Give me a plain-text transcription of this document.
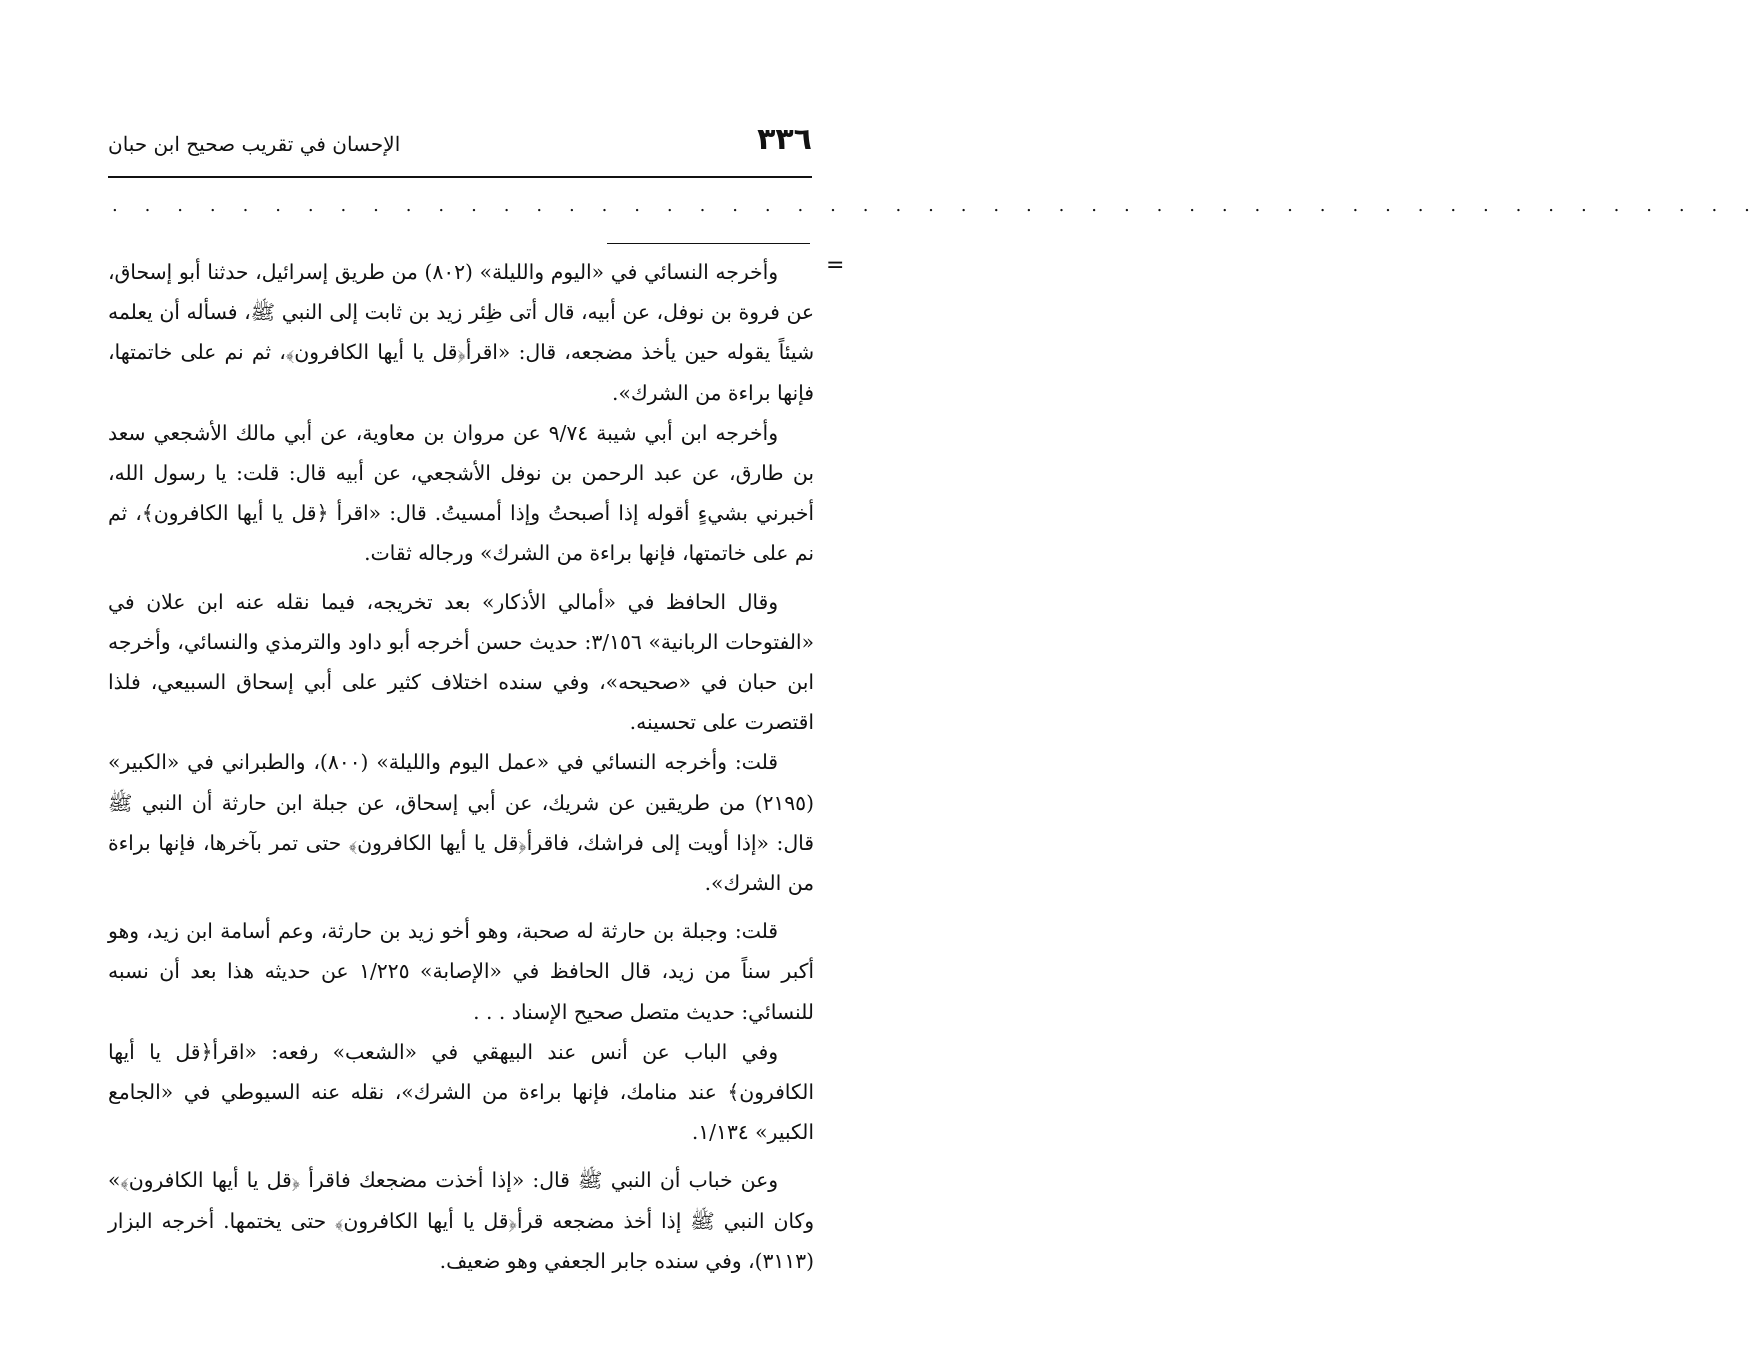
٣٣٦
الإحسان في تقريب صحيح ابن حبان
. . . . . . . . . . . . . . . . . . . . . . . . . . . . . . . . . . . . . . . . . . . . . . . . . . .
=

وأخرجه النسائي في «اليوم والليلة» (٨٠٢) من طريق إسرائيل، حدثنا أبو إسحاق، عن فروة بن نوفل، عن أبيه، قال أتى ظِئر زيد بن ثابت إلى النبي ﷺ، فسأله أن يعلمه شيئاً يقوله حين يأخذ مضجعه، قال: «اقرأ﴿قل يا أيها الكافرون﴾، ثم نم على خاتمتها، فإنها براءة من الشرك».

وأخرجه ابن أبي شيبة ٩/٧٤ عن مروان بن معاوية، عن أبي مالك الأشجعي سعد بن طارق، عن عبد الرحمن بن نوفل الأشجعي، عن أبيه قال: قلت: يا رسول الله، أخبرني بشيءٍ أقوله إذا أصبحتُ وإذا أمسيتُ. قال: «اقرأ ﴿قل يا أيها الكافرون﴾، ثم نم على خاتمتها، فإنها براءة من الشرك» ورجاله ثقات.

وقال الحافظ في «أمالي الأذكار» بعد تخريجه، فيما نقله عنه ابن علان في «الفتوحات الربانية» ٣/١٥٦: حديث حسن أخرجه أبو داود والترمذي والنسائي، وأخرجه ابن حبان في «صحيحه»، وفي سنده اختلاف كثير على أبي إسحاق السبيعي، فلذا اقتصرت على تحسينه.

قلت: وأخرجه النسائي في «عمل اليوم والليلة» (٨٠٠)، والطبراني في «الكبير» (٢١٩٥) من طريقين عن شريك، عن أبي إسحاق، عن جبلة ابن حارثة أن النبي ﷺ قال: «إذا أويت إلى فراشك، فاقرأ﴿قل يا أيها الكافرون﴾ حتى تمر بآخرها، فإنها براءة من الشرك».

قلت: وجبلة بن حارثة له صحبة، وهو أخو زيد بن حارثة، وعم أسامة ابن زيد، وهو أكبر سناً من زيد، قال الحافظ في «الإصابة» ١/٢٢٥ عن حديثه هذا بعد أن نسبه للنسائي: حديث متصل صحيح الإسناد . . .

وفي الباب عن أنس عند البيهقي في «الشعب» رفعه: «اقرأ﴿قل يا أيها الكافرون﴾ عند منامك، فإنها براءة من الشرك»، نقله عنه السيوطي في «الجامع الكبير» ١/١٣٤.

وعن خباب أن النبي ﷺ قال: «إذا أخذت مضجعك فاقرأ ﴿قل يا أيها الكافرون﴾» وكان النبي ﷺ إذا أخذ مضجعه قرأ﴿قل يا أيها الكافرون﴾ حتى يختمها. أخرجه البزار (٣١١٣)، وفي سنده جابر الجعفي وهو ضعيف.
